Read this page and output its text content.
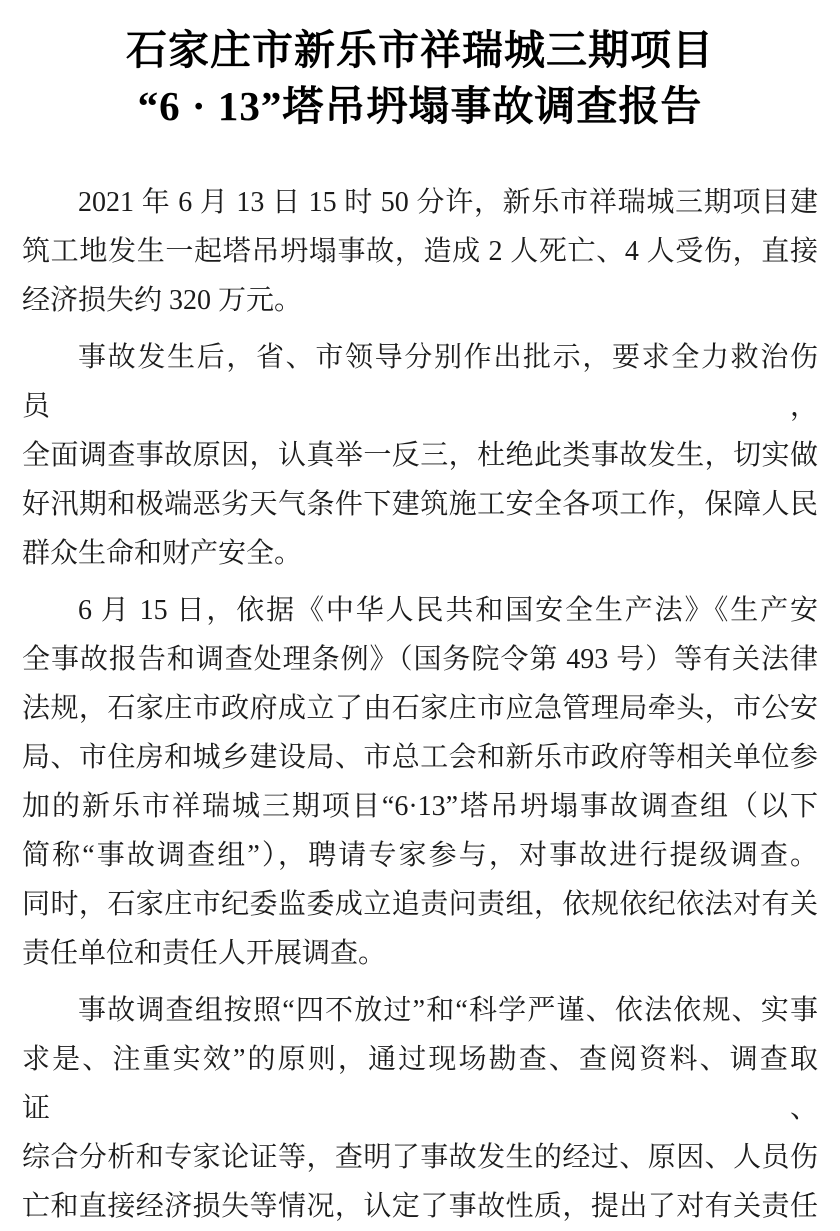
石家庄市新乐市祥瑞城三期项目
“6 · 13”塔吊坍塌事故调查报告
2021 年 6 月 13 日 15 时 50 分许，新乐市祥瑞城三期项目建
筑工地发生一起塔吊坍塌事故，造成 2 人死亡、4 人受伤，直接
经济损失约 320 万元。
事故发生后，省、市领导分别作出批示，要求全力救治伤员，
全面调查事故原因，认真举一反三，杜绝此类事故发生，切实做
好汛期和极端恶劣天气条件下建筑施工安全各项工作，保障人民
群众生命和财产安全。
6 月 15 日，依据《中华人民共和国安全生产法》《生产安
全事故报告和调查处理条例》（国务院令第 493 号）等有关法律
法规，石家庄市政府成立了由石家庄市应急管理局牵头，市公安
局、市住房和城乡建设局、市总工会和新乐市政府等相关单位参
加的新乐市祥瑞城三期项目“6·13”塔吊坍塌事故调查组（以下
简称“事故调查组”），聘请专家参与，对事故进行提级调查。
同时，石家庄市纪委监委成立追责问责组，依规依纪依法对有关
责任单位和责任人开展调查。
事故调查组按照“四不放过”和“科学严谨、依法依规、实事
求是、注重实效”的原则，通过现场勘查、查阅资料、调查取证、
综合分析和专家论证等，查明了事故发生的经过、原因、人员伤
亡和直接经济损失等情况，认定了事故性质，提出了对有关责任
